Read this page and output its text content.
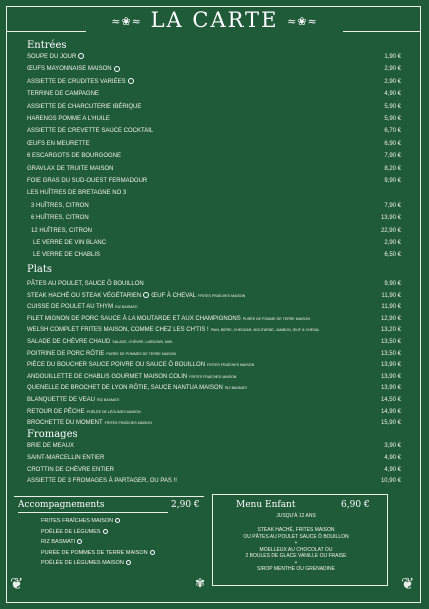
≈❀≈ LA CARTE ≈❀≈
Entrées
SOUPE DU JOUR	1,90 €
ŒUFS MAYONNAISE MAISON	2,90 €
ASSIETTE DE CRUDITES VARIÉES	2,90 €
TERRINE DE CAMPAGNE	4,90 €
ASSIETTE DE CHARCUTERIE IBÉRIQUE	5,90 €
HARENGS POMME A L'HUILE	5,90 €
ASSIETTE DE CREVETTE SAUCE COCKTAIL	6,70 €
ŒUFS EN MEURETTE	6,90 €
6 ESCARGOTS DE BOURGOGNE	7,90 €
GRAVLAX DE TRUITE MAISON	8,20 €
FOIE GRAS DU SUD-OUEST FERMADOUR	9,90 €
LES HUÎTRES DE BRETAGNE NO 3
3 HUÎTRES, CITRON	7,90 €
6 HUÎTRES, CITRON	13,90 €
12 HUÎTRES, CITRON	22,90 €
LE VERRE DE VIN BLANC	2,90 €
LE VERRE DE CHABLIS	6,50 €
Plats
PÂTES AU POULET, SAUCE Ô BOUILLON	9,90 €
STEAK HACHÉ OU STEAK VÉGÉTARIEN ŒUF À CHEVAL FRITES FRAÎCHES MAISON	11,90 €
CUISSE DE POULET AU THYM RIZ BASMATI	11,90 €
FILET MIGNON DE PORC SAUCE À LA MOUTARDE ET AUX CHAMPIGNONS PURÉE DE POMME DE TERRE MAISON	12,90 €
WELSH COMPLET FRITES MAISON, COMME CHEZ LES CH'TIS ! PAIN, BIÈRE, CHEDDAR, MOUTARDE, JAMBON, ŒUF À CHEVAL	13,20 €
SALADE DE CHÈVRE CHAUD SALADE, CHÈVRE, LARDONS, MIEL	13,50 €
POITRINE DE PORC RÔTIE PURÉE DE POMMES DE TERRE MAISON	13,50 €
PIÈCE DU BOUCHER SAUCE POIVRE OU SAUCE Ô BOUILLON FRITES FRAÎCHES MAISON	13,90 €
ANDOUILLETTE DE CHABLIS GOURMET MAISON COLIN FRITES FRAÎCHES MAISON	13,90 €
QUENELLE DE BROCHET DE LYON RÔTIE, SAUCE NANTUA MAISON RIZ BASMATI	13,90 €
BLANQUETTE DE VEAU RIZ BASMATI	14,50 €
RETOUR DE PÊCHE POÊLÉE DE LÉGUMES MAISON	14,90 €
BROCHETTE DU MOMENT FRITES FRAÎCHES MAISON	15,90 €
Fromages
BRIE DE MEAUX	3,90 €
SAINT-MARCELLIN ENTIER	4,90 €
CROTTIN DE CHÈVRE ENTIER	4,90 €
ASSIETTE DE 3 FROMAGES À PARTAGER, OU PAS !!	10,90 €
Accompagnements	2,90 €
FRITES FRAÎCHES MAISON
POÊLÉE DE LÉGUMES
RIZ BASMATI
PURÉE DE POMMES DE TERRE MAISON
POÊLÉE DE LÉGUMES MAISON
Menu Enfant	6,90 €
JUSQU'À 12 ANS
STEAK HACHÉ, FRITES MAISON
OU PÂTES AU POULET SAUCE Ô BOUILLON
+
MOELLEUX AU CHOCOLAT OU
2 BOULES DE GLACE VANILLE OU FRAISE
+
SIROP MENTHE OU GRENADINE
❦	❦
✾
